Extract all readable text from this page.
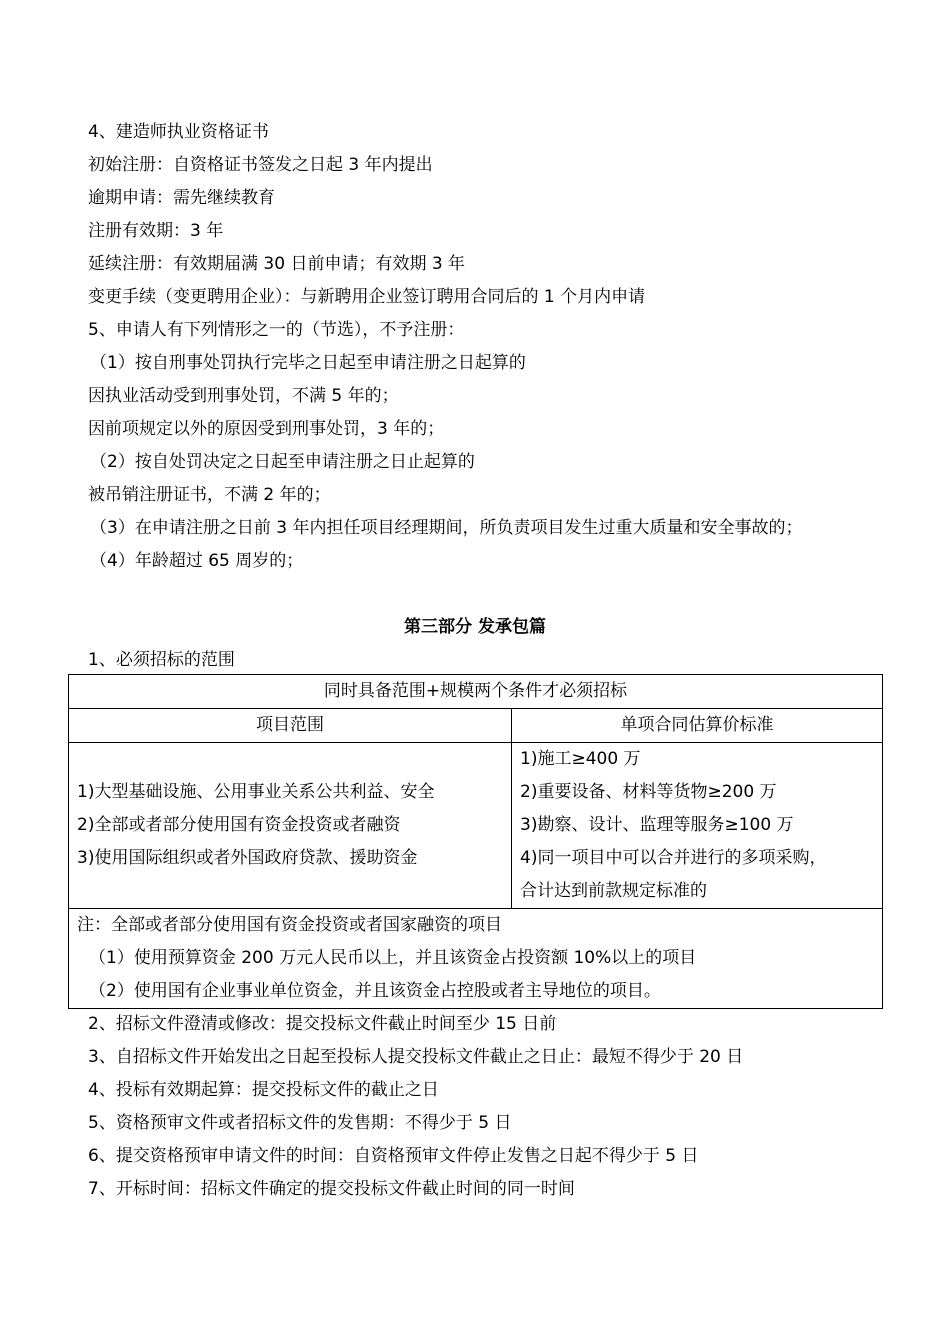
4、建造师执业资格证书
初始注册：自资格证书签发之日起 3 年内提出
逾期申请：需先继续教育
注册有效期：3 年
延续注册：有效期届满 30 日前申请；有效期 3 年
变更手续（变更聘用企业）：与新聘用企业签订聘用合同后的 1 个月内申请
5、申请人有下列情形之一的（节选），不予注册：
（1）按自刑事处罚执行完毕之日起至申请注册之日起算的
因执业活动受到刑事处罚，不满 5 年的；
因前项规定以外的原因受到刑事处罚，3 年的；
（2）按自处罚决定之日起至申请注册之日止起算的
被吊销注册证书，不满 2 年的；
（3）在申请注册之日前 3 年内担任项目经理期间，所负责项目发生过重大质量和安全事故的；
（4）年龄超过 65 周岁的；
第三部分 发承包篇
1、必须招标的范围
同时具备范围+规模两个条件才必须招标	
项目范围	单项合同估算价标准

1)大型基础设施、公用事业关系公共利益、安全
2)全部或者部分使用国有资金投资或者融资
3)使用国际组织或者外国政府贷款、援助资金	1)施工≥400 万
2)重要设备、材料等货物≥200 万
3)勘察、设计、监理等服务≥100 万
4)同一项目中可以合并进行的多项采购，
合计达到前款规定标准的

注：全部或者部分使用国有资金投资或者国家融资的项目
（1）使用预算资金 200 万元人民币以上，并且该资金占投资额 10%以上的项目
（2）使用国有企业事业单位资金，并且该资金占控股或者主导地位的项目。	
2、招标文件澄清或修改：提交投标文件截止时间至少 15 日前
3、自招标文件开始发出之日起至投标人提交投标文件截止之日止：最短不得少于 20 日
4、投标有效期起算：提交投标文件的截止之日
5、资格预审文件或者招标文件的发售期：不得少于 5 日
6、提交资格预审申请文件的时间：自资格预审文件停止发售之日起不得少于 5 日
7、开标时间：招标文件确定的提交投标文件截止时间的同一时间
